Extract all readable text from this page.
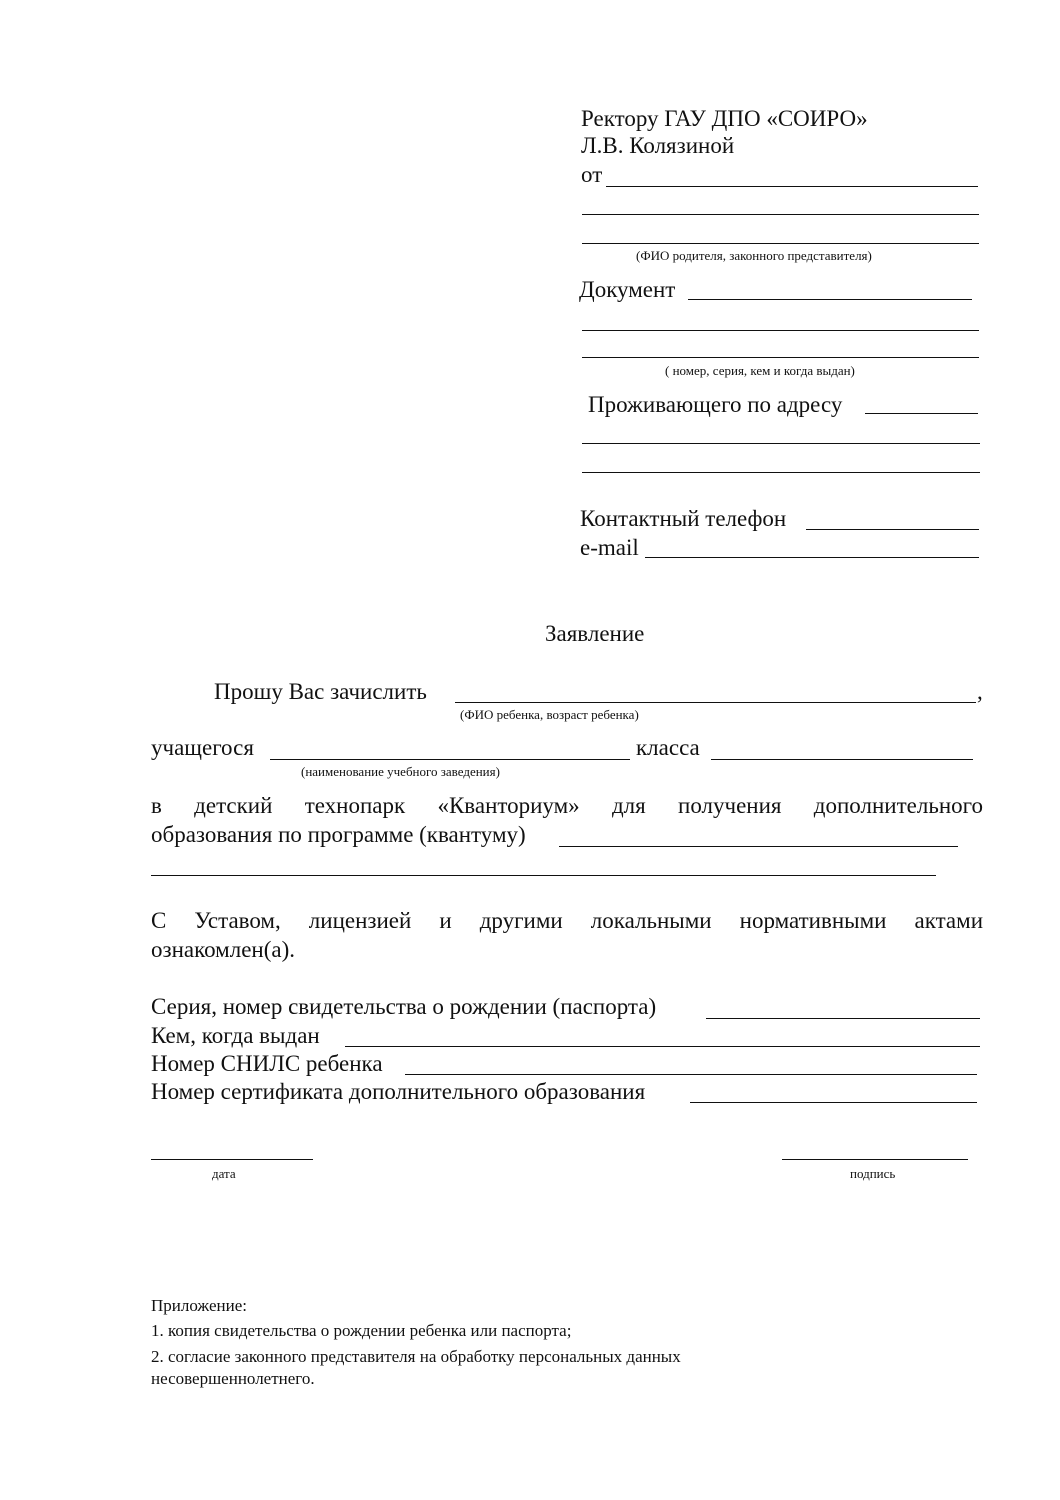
Ректору ГАУ ДПО «СОИРО»
Л.В. Колязиной
от
(ФИО родителя, законного представителя)
Документ
( номер, серия, кем и когда выдан)
Проживающего по адресу
Контактный телефон
e-mail
Заявление
Прошу Вас зачислить	,
(ФИО ребенка, возраст ребенка)
учащегося	класса
(наименование учебного заведения)
в детский технопарк «Кванториум» для получения дополнительного
образования по программе (квантуму)
С Уставом, лицензией и другими локальными нормативными актами
ознакомлен(а).
Серия, номер свидетельства о рождении (паспорта)
Кем, когда выдан
Номер СНИЛС ребенка
Номер сертификата дополнительного образования
дата	подпись
Приложение:
1. копия свидетельства о рождении ребенка или паспорта;
2. согласие законного представителя на обработку персональных данных
несовершеннолетнего.
